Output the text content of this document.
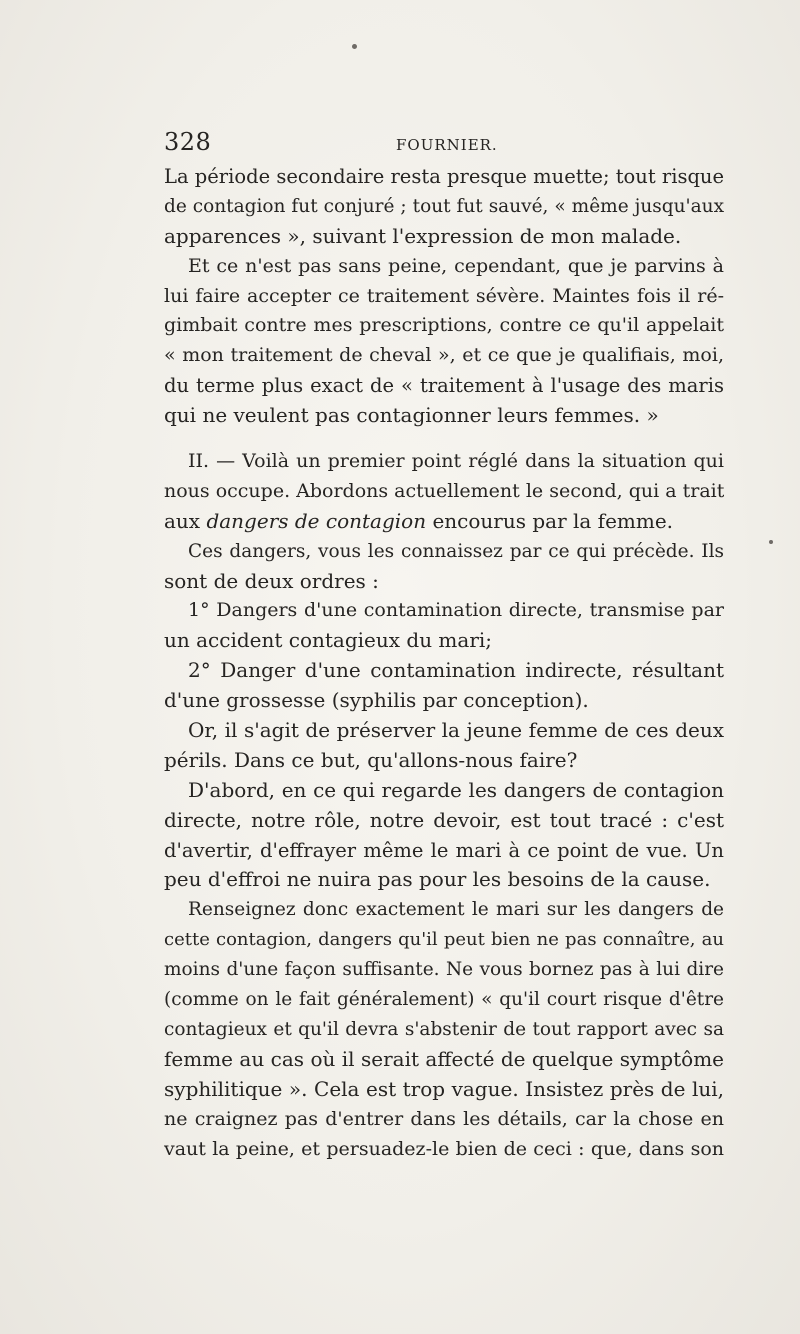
328	FOURNIER.
La période secondaire resta presque muette; tout risque
de contagion fut conjuré ; tout fut sauvé, « même jusqu'aux
apparences », suivant l'expression de mon malade.
Et ce n'est pas sans peine, cependant, que je parvins à
lui faire accepter ce traitement sévère. Maintes fois il ré-
gimbait contre mes prescriptions, contre ce qu'il appelait
« mon traitement de cheval », et ce que je qualifiais, moi,
du terme plus exact de « traitement à l'usage des maris
qui ne veulent pas contagionner leurs femmes. »
II. — Voilà un premier point réglé dans la situation qui
nous occupe. Abordons actuellement le second, qui a trait
aux dangers de contagion encourus par la femme.
Ces dangers, vous les connaissez par ce qui précède. Ils
sont de deux ordres :
1° Dangers d'une contamination directe, transmise par
un accident contagieux du mari;
2° Danger d'une contamination indirecte, résultant
d'une grossesse (syphilis par conception).
Or, il s'agit de préserver la jeune femme de ces deux
périls. Dans ce but, qu'allons-nous faire?
D'abord, en ce qui regarde les dangers de contagion
directe, notre rôle, notre devoir, est tout tracé : c'est
d'avertir, d'effrayer même le mari à ce point de vue. Un
peu d'effroi ne nuira pas pour les besoins de la cause.
Renseignez donc exactement le mari sur les dangers de
cette contagion, dangers qu'il peut bien ne pas connaître, au
moins d'une façon suffisante. Ne vous bornez pas à lui dire
(comme on le fait généralement) « qu'il court risque d'être
contagieux et qu'il devra s'abstenir de tout rapport avec sa
femme au cas où il serait affecté de quelque symptôme
syphilitique ». Cela est trop vague. Insistez près de lui,
ne craignez pas d'entrer dans les détails, car la chose en
vaut la peine, et persuadez-le bien de ceci : que, dans son
